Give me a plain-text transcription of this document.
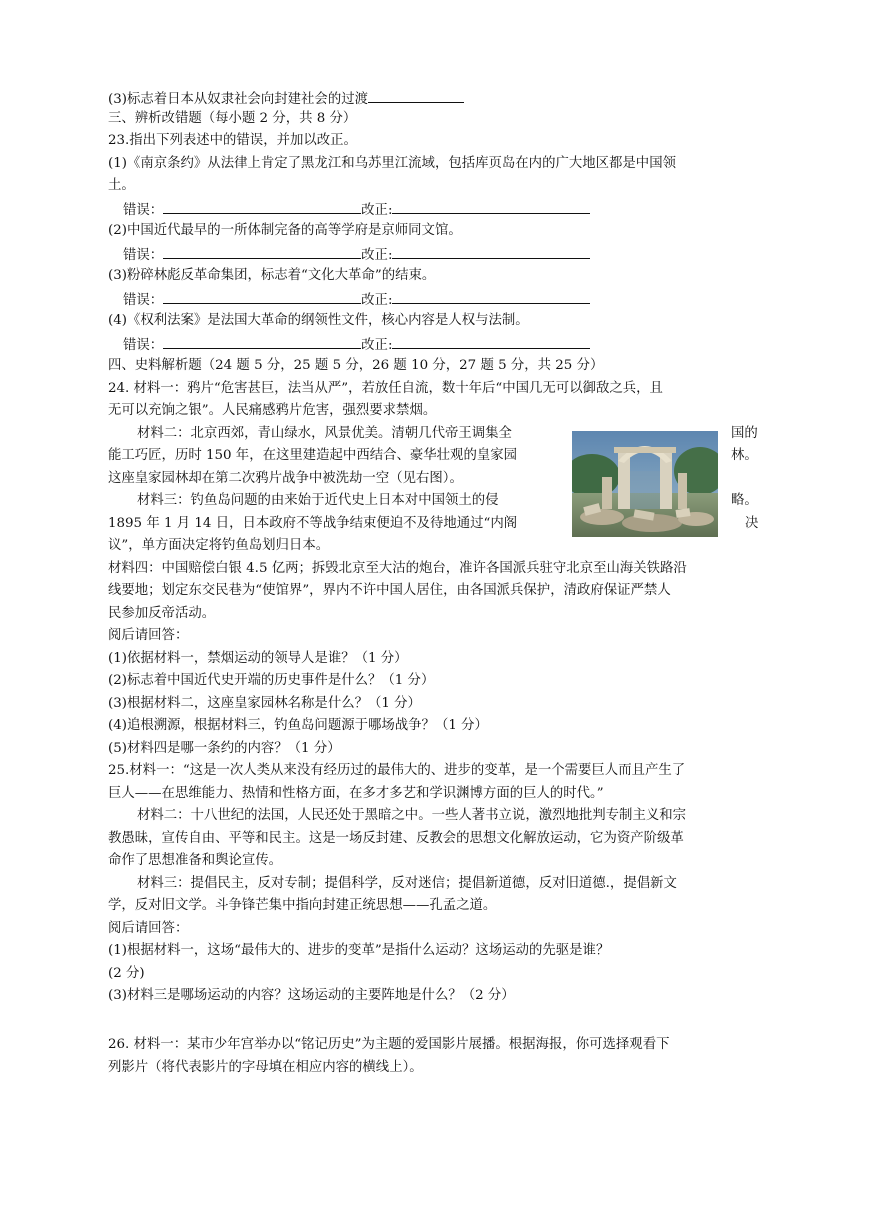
(3)标志着日本从奴隶社会向封建社会的过渡
三、辨析改错题（每小题 2 分，共 8 分）
23.指出下列表述中的错误，并加以改正。
(1)《南京条约》从法律上肯定了黑龙江和乌苏里江流域，包括库页岛在内的广大地区都是中国领
土。
错误：	改正:
(2)中国近代最早的一所体制完备的高等学府是京师同文馆。
错误：	改正:
(3)粉碎林彪反革命集团，标志着“文化大革命”的结束。
错误：	改正:
(4)《权利法案》是法国大革命的纲领性文件，核心内容是人权与法制。
错误：	改正:
四、史料解析题（24 题 5 分，25 题 5 分，26 题 10 分，27 题 5 分，共 25 分）
24. 材料一：鸦片“危害甚巨，法当从严”，若放任自流，数十年后“中国几无可以御敌之兵，且
无可以充饷之银”。人民痛感鸦片危害，强烈要求禁烟。
材料二：北京西郊，青山绿水，风景优美。清朝几代帝王调集全	国的
能工巧匠，历时 150 年，在这里建造起中西结合、豪华壮观的皇家园	林。
这座皇家园林却在第二次鸦片战争中被洗劫一空（见右图）。
材料三：钓鱼岛问题的由来始于近代史上日本对中国领土的侵	略。
1895 年 1 月 14 日，日本政府不等战争结束便迫不及待地通过“内阁	决
议”，单方面决定将钓鱼岛划归日本。
材料四：中国赔偿白银 4.5 亿两；拆毁北京至大沽的炮台，准许各国派兵驻守北京至山海关铁路沿
线要地；划定东交民巷为“使馆界”，界内不许中国人居住，由各国派兵保护，清政府保证严禁人
民参加反帝活动。
阅后请回答：
(1)依据材料一，禁烟运动的领导人是谁？（1 分）
(2)标志着中国近代史开端的历史事件是什么？（1 分）
(3)根据材料二，这座皇家园林名称是什么？（1 分）
(4)追根溯源，根据材料三，钓鱼岛问题源于哪场战争？（1 分）
(5)材料四是哪一条约的内容？（1 分）
25.材料一：“这是一次人类从来没有经历过的最伟大的、进步的变革，是一个需要巨人而且产生了
巨人——在思维能力、热情和性格方面，在多才多艺和学识渊博方面的巨人的时代。”
材料二：十八世纪的法国，人民还处于黑暗之中。一些人著书立说，激烈地批判专制主义和宗
教愚昧，宣传自由、平等和民主。这是一场反封建、反教会的思想文化解放运动，它为资产阶级革
命作了思想准备和舆论宣传。
材料三：提倡民主，反对专制；提倡科学，反对迷信；提倡新道德，反对旧道德.，提倡新文
学，反对旧文学。斗争锋芒集中指向封建正统思想——孔孟之道。
阅后请回答：
(1)根据材料一，这场“最伟大的、进步的变革”是指什么运动？这场运动的先驱是谁？
(2 分)
(3)材料三是哪场运动的内容？这场运动的主要阵地是什么？（2 分）
26. 材料一：某市少年宫举办以“铭记历史”为主题的爱国影片展播。根据海报，你可选择观看下
列影片（将代表影片的字母填在相应内容的横线上）。
